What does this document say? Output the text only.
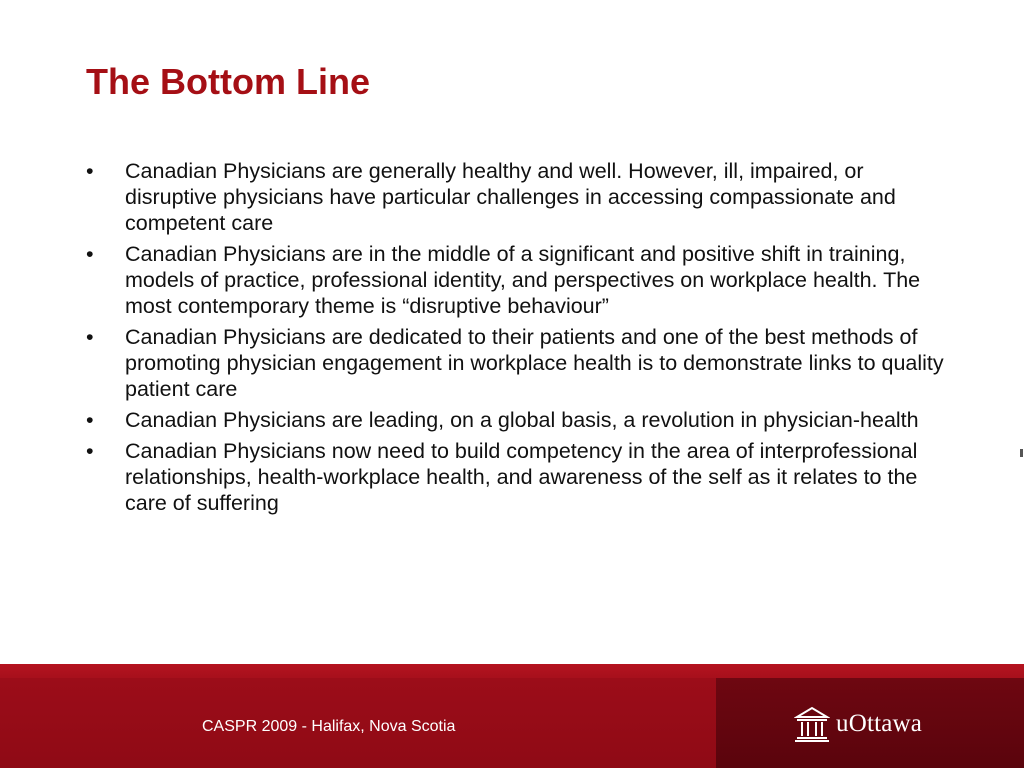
The Bottom Line
•	Canadian Physicians are generally healthy and well. However, ill, impaired, or disruptive physicians have particular challenges in accessing compassionate and competent care
•	Canadian Physicians are in the middle of a significant and positive shift in training, models of practice, professional identity, and perspectives on workplace health. The most contemporary theme is “disruptive behaviour”
•	Canadian Physicians are dedicated to their patients and one of the best methods of promoting physician engagement in workplace health is to demonstrate links to quality patient care
•	Canadian Physicians are leading, on a global basis, a revolution in physician-health
•	Canadian Physicians now need to build competency in the area of interprofessional relationships, health-workplace health, and awareness of the self as it relates to the care of suffering
CASPR 2009 - Halifax, Nova Scotia	uOttawa
